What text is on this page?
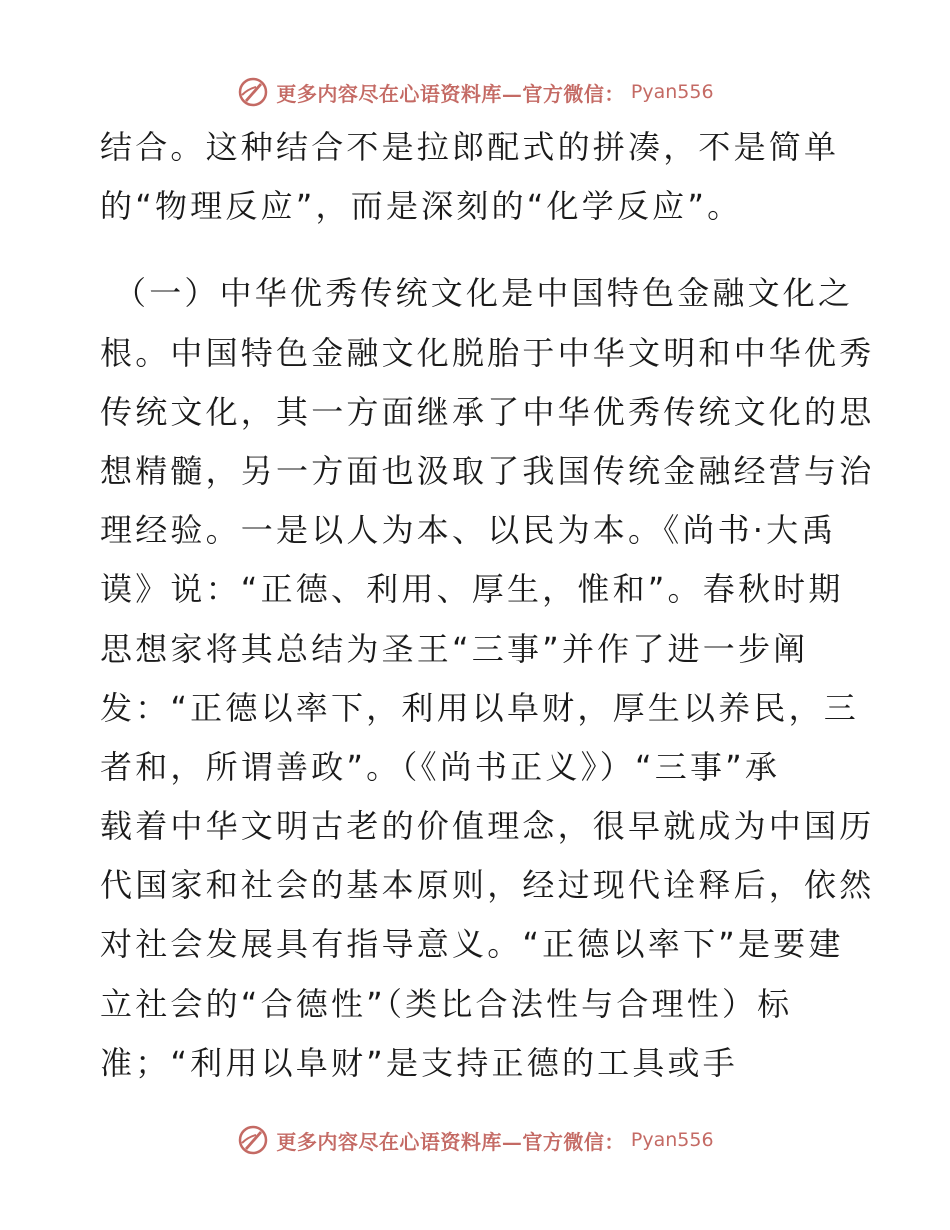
更多内容尽在心语资料库—官方微信： Pyan556
结合。这种结合不是拉郎配式的拼凑，不是简单
的“物理反应”，而是深刻的“化学反应”。
（一）中华优秀传统文化是中国特色金融文化之
根。中国特色金融文化脱胎于中华文明和中华优秀
传统文化，其一方面继承了中华优秀传统文化的思
想精髓，另一方面也汲取了我国传统金融经营与治
理经验。一是以人为本、以民为本。《尚书·大禹
谟》说：“正德、利用、厚生，惟和”。春秋时期
思想家将其总结为圣王“三事”并作了进一步阐
发：“正德以率下，利用以阜财，厚生以养民，三
者和，所谓善政”。（《尚书正义》）“三事”承
载着中华文明古老的价值理念，很早就成为中国历
代国家和社会的基本原则，经过现代诠释后，依然
对社会发展具有指导意义。“正德以率下”是要建
立社会的“合德性”（类比合法性与合理性）标
准；“利用以阜财”是支持正德的工具或手
更多内容尽在心语资料库—官方微信： Pyan556
